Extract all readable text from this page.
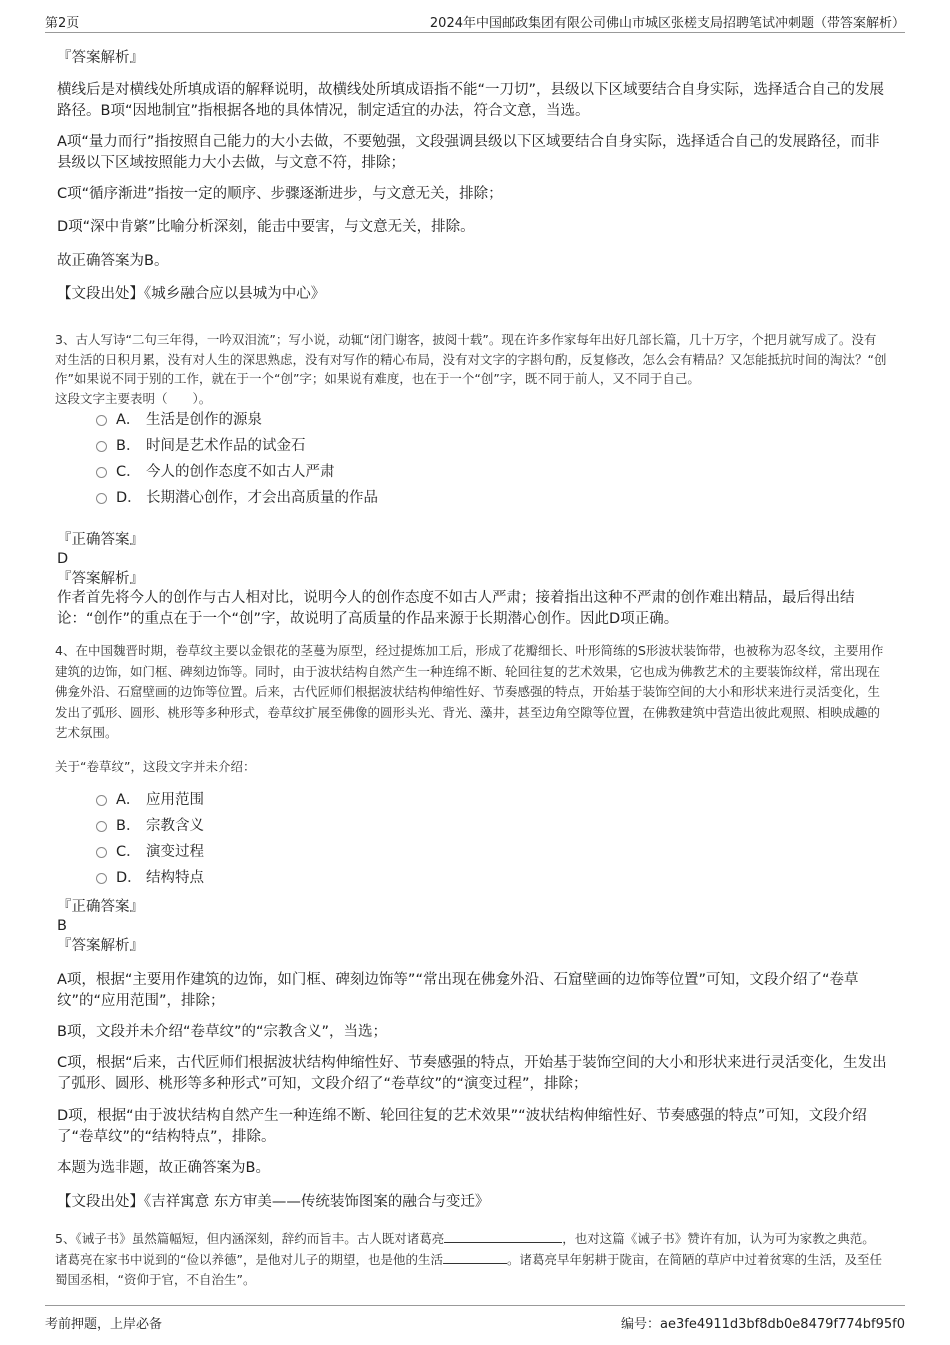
第2页	2024年中国邮政集团有限公司佛山市城区张槎支局招聘笔试冲刺题（带答案解析）
『答案解析』
横线后是对横线处所填成语的解释说明，故横线处所填成语指不能“一刀切”，县级以下区域要结合自身实际，选择适合自己的发展路径。B项“因地制宜”指根据各地的具体情况，制定适宜的办法，符合文意，当选。
A项“量力而行”指按照自己能力的大小去做，不要勉强，文段强调县级以下区域要结合自身实际，选择适合自己的发展路径，而非县级以下区域按照能力大小去做，与文意不符，排除；
C项“循序渐进”指按一定的顺序、步骤逐渐进步，与文意无关，排除；
D项“深中肯綮”比喻分析深刻，能击中要害，与文意无关，排除。
故正确答案为B。
【文段出处】《城乡融合应以县城为中心》
3、古人写诗“二句三年得，一吟双泪流”；写小说，动辄“闭门谢客，披阅十载”。现在许多作家每年出好几部长篇，几十万字，个把月就写成了。没有对生活的日积月累，没有对人生的深思熟虑，没有对写作的精心布局，没有对文字的字斟句酌，反复修改，怎么会有精品？又怎能抵抗时间的淘汰？“创作”如果说不同于别的工作，就在于一个“创”字；如果说有难度，也在于一个“创”字，既不同于前人，又不同于自己。
这段文字主要表明（　　）。
A． 生活是创作的源泉
B． 时间是艺术作品的试金石
C． 今人的创作态度不如古人严肃
D． 长期潜心创作，才会出高质量的作品
『正确答案』
D
『答案解析』
作者首先将今人的创作与古人相对比，说明今人的创作态度不如古人严肃；接着指出这种不严肃的创作难出精品，最后得出结论：“创作”的重点在于一个“创”字，故说明了高质量的作品来源于长期潜心创作。因此D项正确。
4、在中国魏晋时期，卷草纹主要以金银花的茎蔓为原型，经过提炼加工后，形成了花瓣细长、叶形简练的S形波状装饰带，也被称为忍冬纹，主要用作建筑的边饰，如门框、碑刻边饰等。同时，由于波状结构自然产生一种连绵不断、轮回往复的艺术效果，它也成为佛教艺术的主要装饰纹样，常出现在佛龛外沿、石窟壁画的边饰等位置。后来，古代匠师们根据波状结构伸缩性好、节奏感强的特点，开始基于装饰空间的大小和形状来进行灵活变化，生发出了弧形、圆形、桃形等多种形式，卷草纹扩展至佛像的圆形头光、背光、藻井，甚至边角空隙等位置，在佛教建筑中营造出彼此观照、相映成趣的艺术氛围。
关于“卷草纹”，这段文字并未介绍：
A． 应用范围
B． 宗教含义
C． 演变过程
D． 结构特点
『正确答案』
B
『答案解析』
A项，根据“主要用作建筑的边饰，如门框、碑刻边饰等”“常出现在佛龛外沿、石窟壁画的边饰等位置”可知，文段介绍了“卷草纹”的“应用范围”，排除；
B项，文段并未介绍“卷草纹”的“宗教含义”，当选；
C项，根据“后来，古代匠师们根据波状结构伸缩性好、节奏感强的特点，开始基于装饰空间的大小和形状来进行灵活变化，生发出了弧形、圆形、桃形等多种形式”可知，文段介绍了“卷草纹”的“演变过程”，排除；
D项，根据“由于波状结构自然产生一种连绵不断、轮回往复的艺术效果”“波状结构伸缩性好、节奏感强的特点”可知，文段介绍了“卷草纹”的“结构特点”，排除。
本题为选非题，故正确答案为B。
【文段出处】《吉祥寓意 东方审美——传统装饰图案的融合与变迁》
5、《诫子书》虽然篇幅短，但内涵深刻，辞约而旨丰。古人既对诸葛亮	，也对这篇《诫子书》赞许有加，认为可为家教之典范。诸葛亮在家书中说到的“俭以养德”，是他对儿子的期望，也是他的生活	。诸葛亮早年躬耕于陇亩，在简陋的草庐中过着贫寒的生活，及至任蜀国丞相，“资仰于官，不自治生”。
考前押题，上岸必备	编号：ae3fe4911d3bf8db0e8479f774bf95f0
